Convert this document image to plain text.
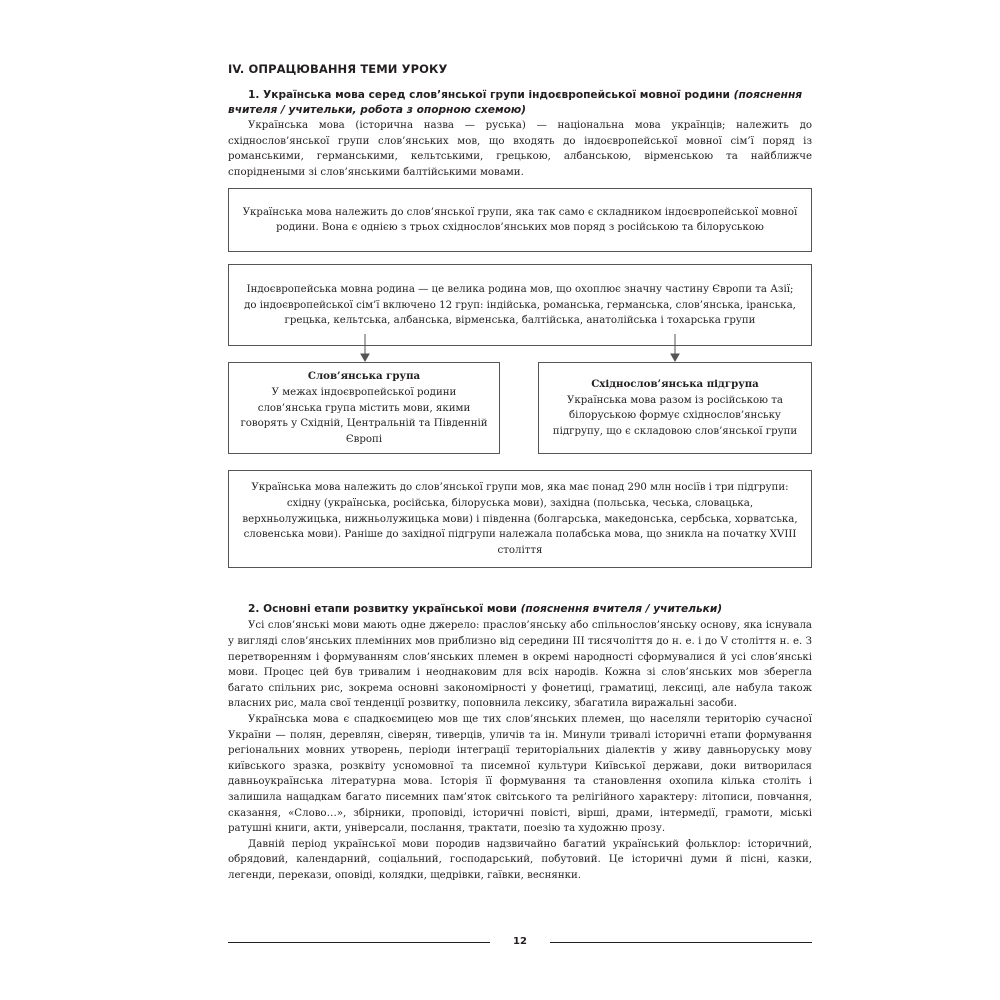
IV. ОПРАЦЮВАННЯ ТЕМИ УРОКУ

1. Українська мова серед слов’янської групи індоєвропейської мовної родини (пояснення вчителя / учительки, робота з опорною схемою)

Українська мова (історична назва — руська) — національна мова українців; належить до східнослов’янської групи слов’янських мов, що входять до індоєвропейської мовної сім’ї поряд із романськими, германськими, кельтськими, грецькою, албанською, вірменською та найближче споріднеными зі слов’янськими балтійськими мовами.

Українська мова належить до слов’янської групи, яка так само є складником індоєвропейської мовної родини. Вона є однією з трьох східнослов’янських мов поряд з російською та білоруською
Індоєвропейська мовна родина — це велика родина мов, що охоплює значну частину Європи та Азії; до індоєвропейської сім’ї включено 12 груп: індійська, романська, германська, слов’янська, іранська, грецька, кельтська, албанська, вірменська, балтійська, анатолійська і тохарська групи
Слов’янська група
У межах індоєвропейської родини слов’янська група містить мови, якими говорять у Східній, Центральній та Південній Європі
Східнослов’янська підгрупа
Українська мова разом із російською та білоруською формує східнослов’янську підгрупу, що є складовою слов’янської групи
Українська мова належить до слов’янської групи мов, яка має понад 290 млн носіїв і три підгрупи: східну (українська, російська, білоруська мови), західна (польська, чеська, словацька, верхньолужицька, нижньолужицька мови) і південна (болгарська, македонська, сербська, хорватська, словенська мови). Раніше до західної підгрупи належала полабська мова, що зникла на початку XVIII століття

2. Основні етапи розвитку української мови (пояснення вчителя / учительки)

Усі слов’янські мови мають одне джерело: праслов’янську або спільнослов’янську основу, яка існувала у вигляді слов’янських племінних мов приблизно від середини III тисячоліття до н. е. і до V століття н. е. З перетворенням і формуванням слов’янських племен в окремі народності сформувалися й усі слов’янські мови. Процес цей був тривалим і неоднаковим для всіх народів. Кожна зі слов’янських мов зберегла багато спільних рис, зокрема основні закономірності у фонетиці, граматиці, лексиці, але набула також власних рис, мала свої тенденції розвитку, поповнила лексику, збагатила виражальні засоби.

Українська мова є спадкоємицею мов ще тих слов’янських племен, що населяли територію сучасної України — полян, деревлян, сіверян, тиверців, уличів та ін. Минули тривалі історичні етапи формування регіональних мовних утворень, періоди інтеграції територіальних діалектів у живу давньоруську мову київського зразка, розквіту усномовної та писемної культури Київської держави, доки витворилася давньоукраїнська літературна мова. Історія її формування та становлення охопила кілька століть і залишила нащадкам багато писемних пам’яток світського та релігійного характеру: літописи, повчання, сказання, «Слово…», збірники, проповіді, історичні повісті, вірші, драми, інтермедії, грамоти, міські ратушні книги, акти, універсали, послання, трактати, поезію та художню прозу.

Давній період української мови породив надзвичайно багатий український фольклор: історичний, обрядовий, календарний, соціальний, господарський, побутовий. Це історичні думи й пісні, казки, легенди, перекази, оповіді, колядки, щедрівки, гаївки, веснянки.

12
